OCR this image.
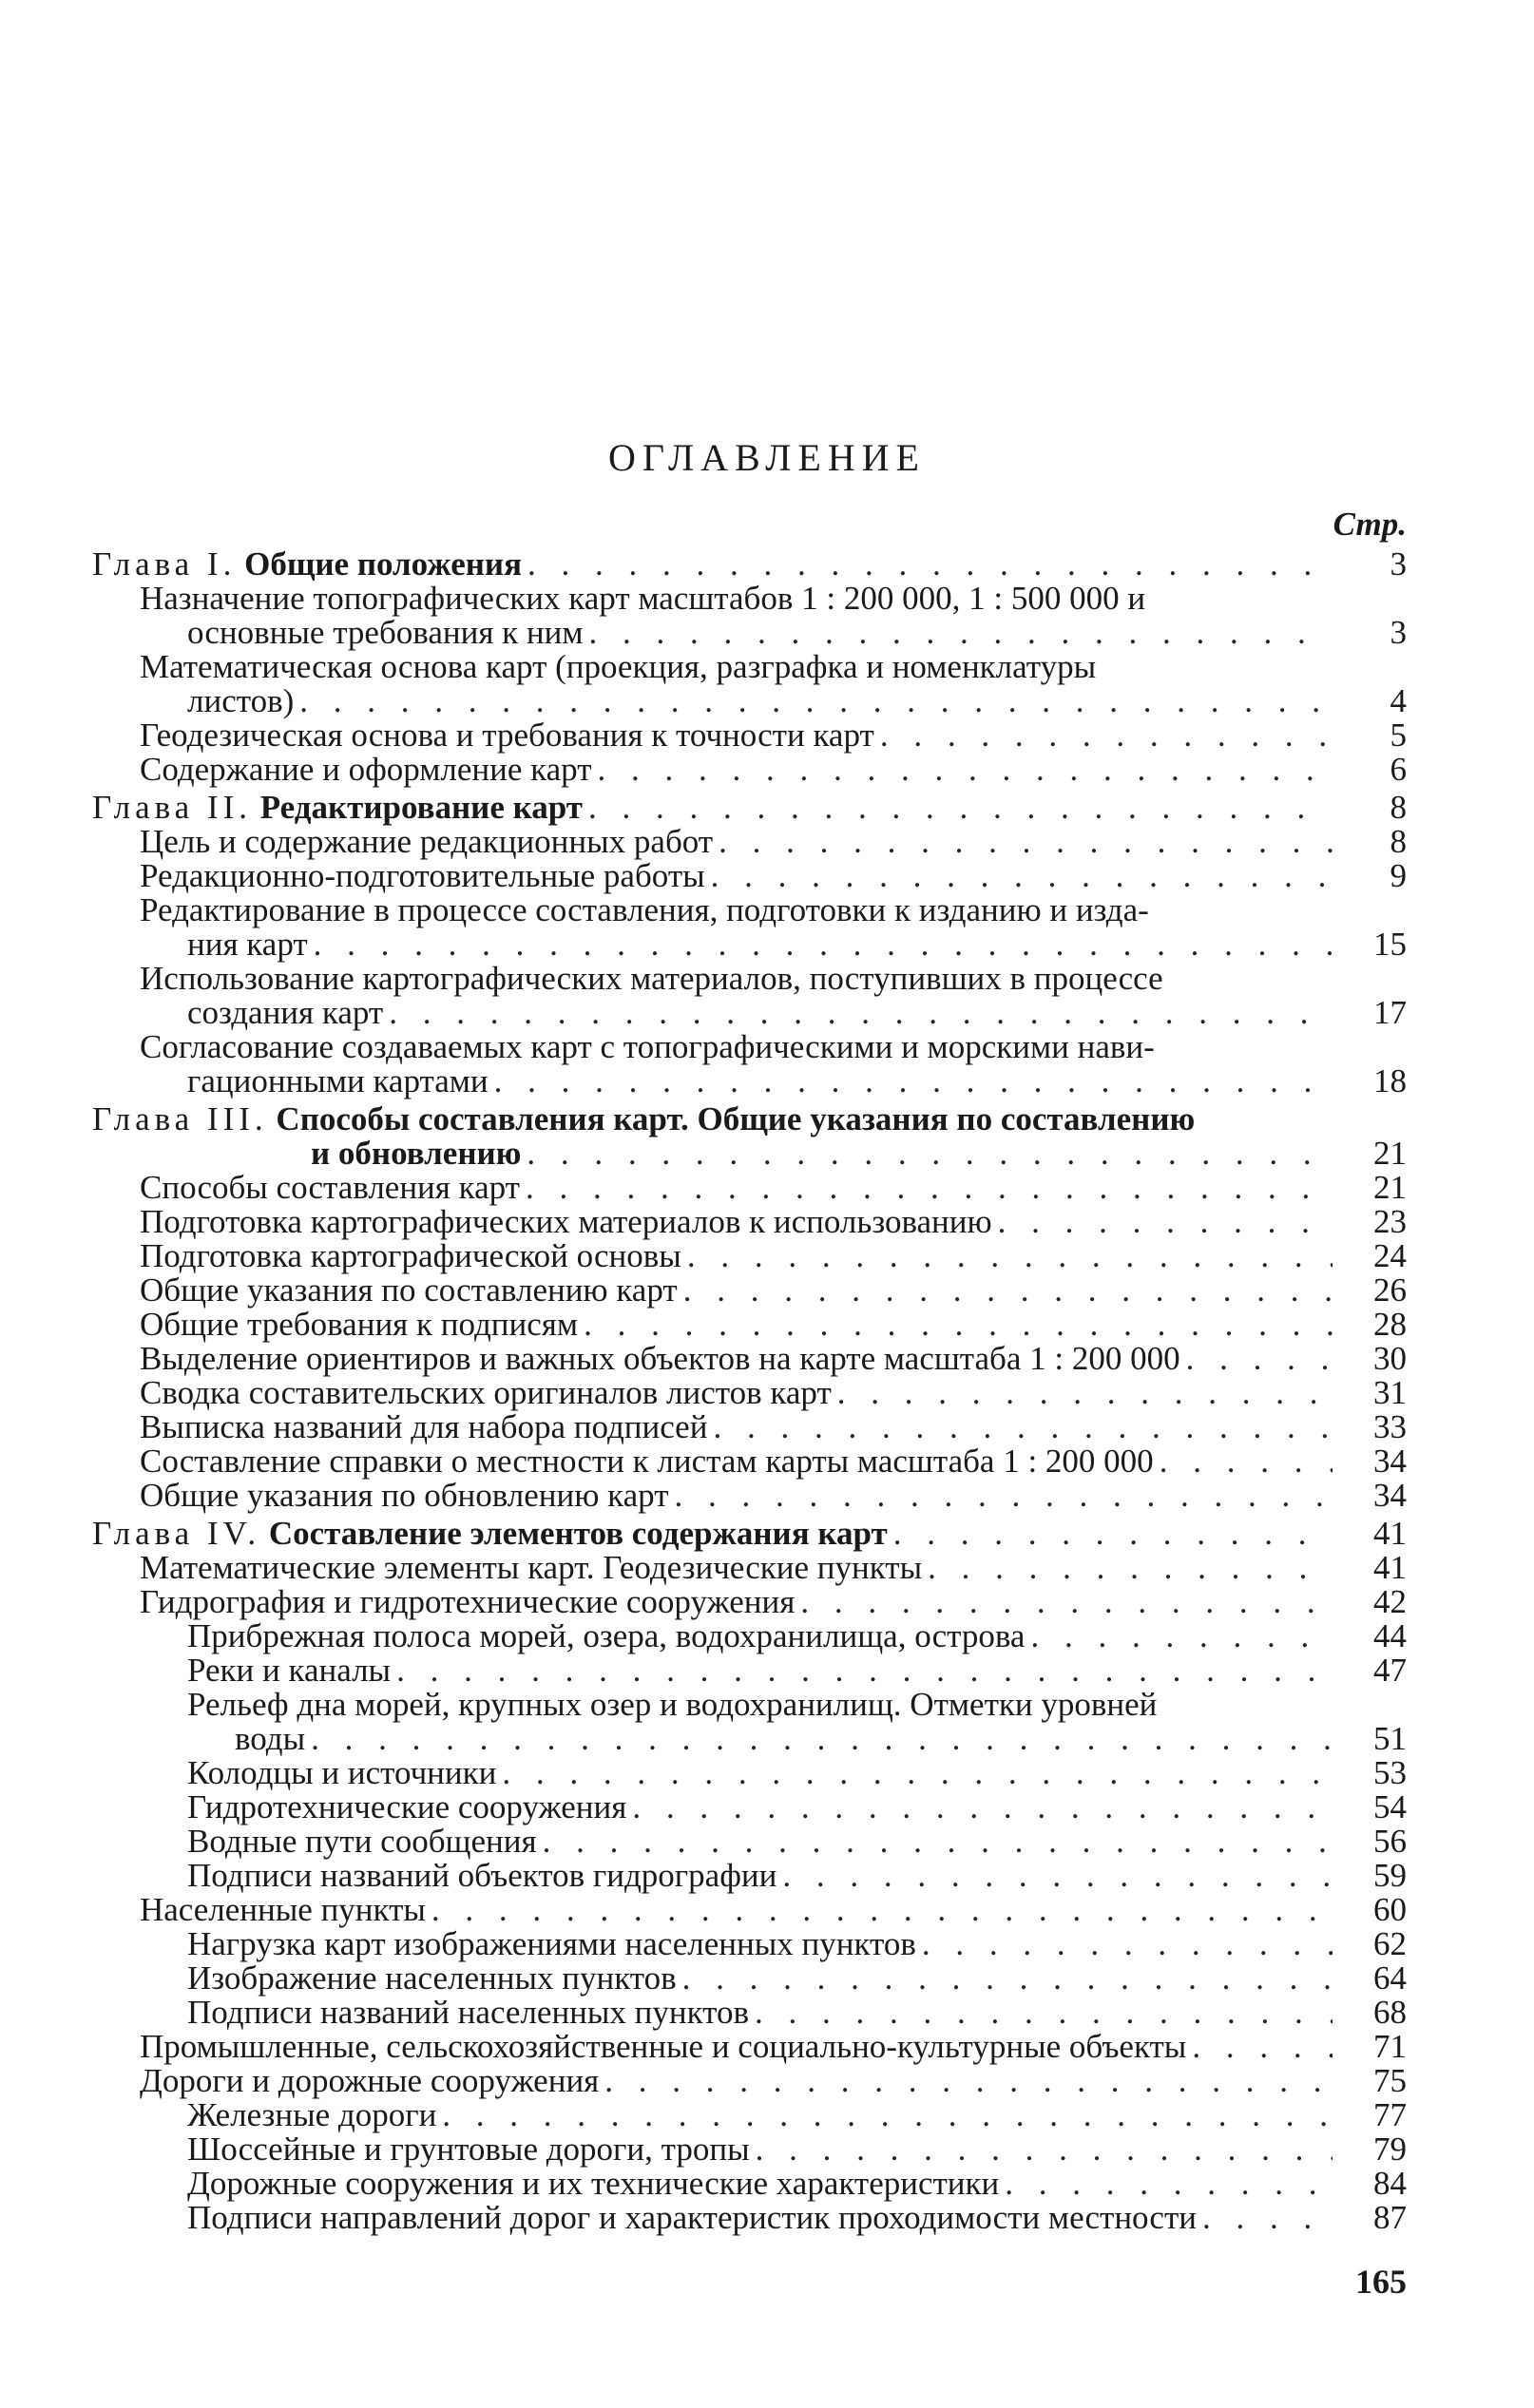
ОГЛАВЛЕНИЕ
Стр.
Глава I. Общие положения . . .	3
Назначение топографических карт масштабов 1 : 200 000, 1 : 500 000 и
основные требования к ним . . .	3
Математическая основа карт (проекция, разграфка и номенклатуры
листов) . . .	4
Геодезическая основа и требования к точности карт . . .	5
Содержание и оформление карт . . .	6
Глава II. Редактирование карт . . .	8
Цель и содержание редакционных работ . . .	8
Редакционно-подготовительные работы . . .	9
Редактирование в процессе составления, подготовки к изданию и изда-
ния карт . . .	15
Использование картографических материалов, поступивших в процессе
создания карт . . .	17
Согласование создаваемых карт с топографическими и морскими нави-
гационными картами . . .	18
Глава III. Способы составления карт. Общие указания по составлению
и обновлению . . .	21
Способы составления карт . . .	21
Подготовка картографических материалов к использованию . . .	23
Подготовка картографической основы . . .	24
Общие указания по составлению карт . . .	26
Общие требования к подписям . . .	28
Выделение ориентиров и важных объектов на карте масштаба 1 : 200 000 . . .	30
Сводка составительских оригиналов листов карт . . .	31
Выписка названий для набора подписей . . .	33
Составление справки о местности к листам карты масштаба 1 : 200 000 . . .	34
Общие указания по обновлению карт . . .	34
Глава IV. Составление элементов содержания карт . . .	41
Математические элементы карт. Геодезические пункты . . .	41
Гидрография и гидротехнические сооружения . . .	42
Прибрежная полоса морей, озера, водохранилища, острова . . .	44
Реки и каналы . . .	47
Рельеф дна морей, крупных озер и водохранилищ. Отметки уровней
воды . . .	51
Колодцы и источники . . .	53
Гидротехнические сооружения . . .	54
Водные пути сообщения . . .	56
Подписи названий объектов гидрографии . . .	59
Населенные пункты . . .	60
Нагрузка карт изображениями населенных пунктов . . .	62
Изображение населенных пунктов . . .	64
Подписи названий населенных пунктов . . .	68
Промышленные, сельскохозяйственные и социально-культурные объекты . . .	71
Дороги и дорожные сооружения . . .	75
Железные дороги . . .	77
Шоссейные и грунтовые дороги, тропы . . .	79
Дорожные сооружения и их технические характеристики . . .	84
Подписи направлений дорог и характеристик проходимости местности . . .	87
165
